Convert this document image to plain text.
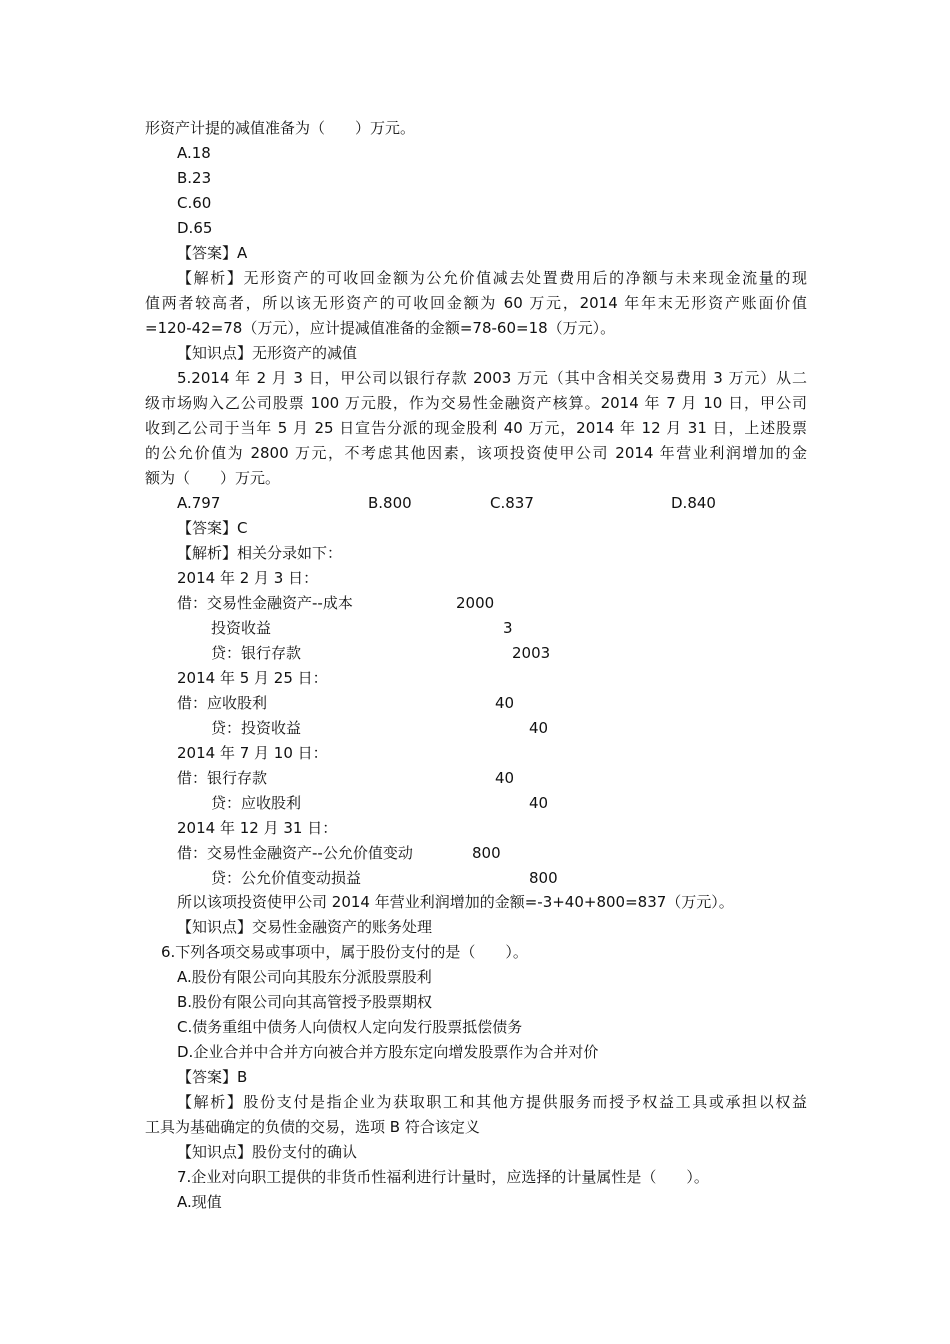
形资产计提的减值准备为（　　）万元。
A.18
B.23
C.60
D.65
【答案】A
【解析】无形资产的可收回金额为公允价值减去处置费用后的净额与未来现金流量的现
值两者较高者，所以该无形资产的可收回金额为 60 万元，2014 年年末无形资产账面价值
=120-42=78（万元），应计提减值准备的金额=78-60=18（万元）。
【知识点】无形资产的减值
5.2014 年 2 月 3 日，甲公司以银行存款 2003 万元（其中含相关交易费用 3 万元）从二
级市场购入乙公司股票 100 万元股，作为交易性金融资产核算。2014 年 7 月 10 日，甲公司
收到乙公司于当年 5 月 25 日宣告分派的现金股利 40 万元，2014 年 12 月 31 日，上述股票
的公允价值为 2800 万元，不考虑其他因素，该项投资使甲公司 2014 年营业利润增加的金
额为（　　）万元。
A.797	B.800	C.837	D.840
【答案】C
【解析】相关分录如下：
2014 年 2 月 3 日：
借：交易性金融资产--成本	2000
投资收益	3
贷：银行存款	2003
2014 年 5 月 25 日：
借：应收股利	40
贷：投资收益	40
2014 年 7 月 10 日：
借：银行存款	40
贷：应收股利	40
2014 年 12 月 31 日：
借：交易性金融资产--公允价值变动	800
贷：公允价值变动损益	800
所以该项投资使甲公司 2014 年营业利润增加的金额=-3+40+800=837（万元）。
【知识点】交易性金融资产的账务处理
6.下列各项交易或事项中，属于股份支付的是（　　）。
A.股份有限公司向其股东分派股票股利
B.股份有限公司向其高管授予股票期权
C.债务重组中债务人向债权人定向发行股票抵偿债务
D.企业合并中合并方向被合并方股东定向增发股票作为合并对价
【答案】B
【解析】股份支付是指企业为获取职工和其他方提供服务而授予权益工具或承担以权益
工具为基础确定的负债的交易，选项 B 符合该定义
【知识点】股份支付的确认
7.企业对向职工提供的非货币性福利进行计量时，应选择的计量属性是（　　）。
A.现值
